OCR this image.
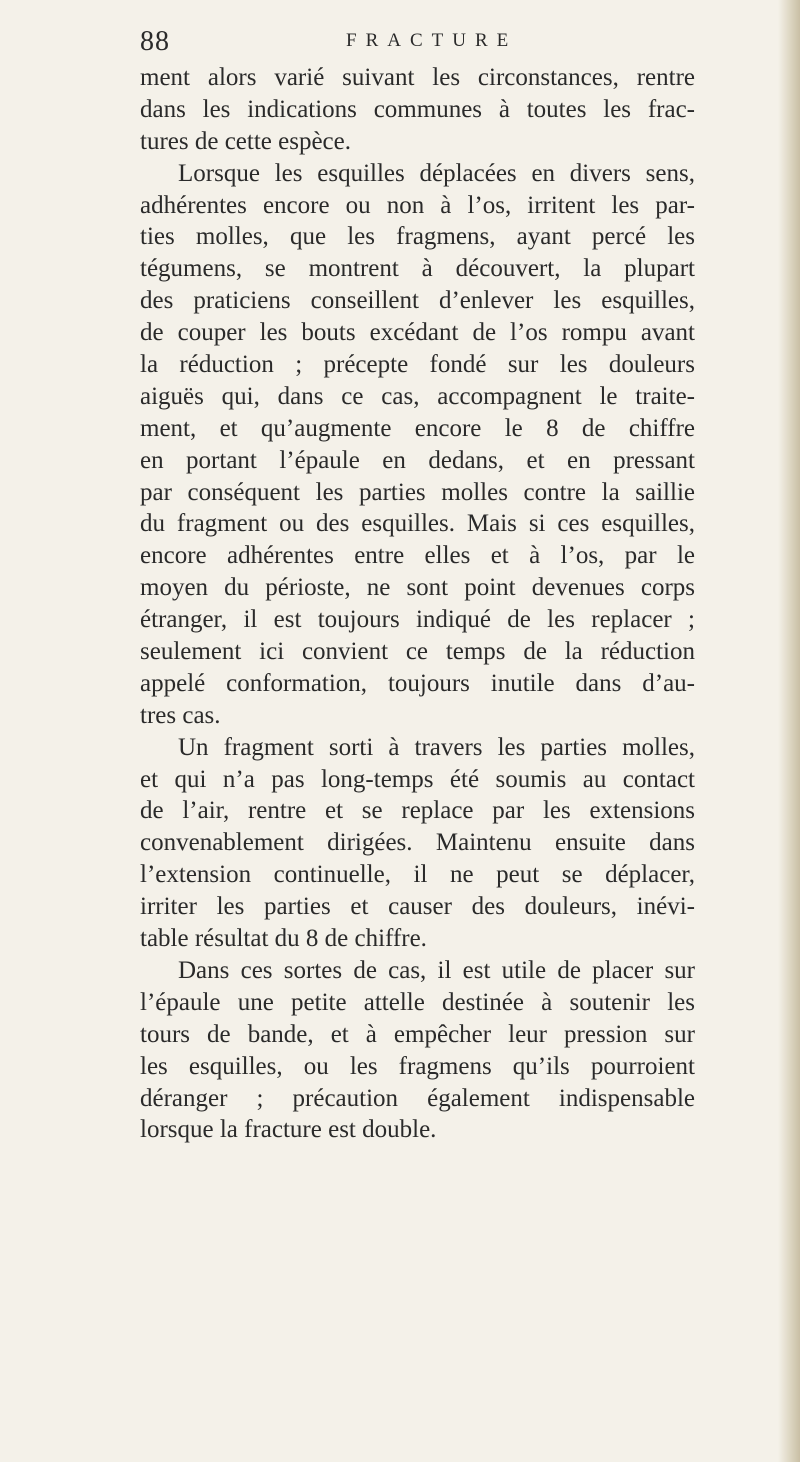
88	FRACTURE
ment alors varié suivant les circonstances, rentre
dans les indications communes à toutes les frac-
tures de cette espèce.
Lorsque les esquilles déplacées en divers sens,
adhérentes encore ou non à l’os, irritent les par-
ties molles, que les fragmens, ayant percé les
tégumens, se montrent à découvert, la plupart
des praticiens conseillent d’enlever les esquilles,
de couper les bouts excédant de l’os rompu avant
la réduction ; précepte fondé sur les douleurs
aiguës qui, dans ce cas, accompagnent le traite-
ment, et qu’augmente encore le 8 de chiffre
en portant l’épaule en dedans, et en pressant
par conséquent les parties molles contre la saillie
du fragment ou des esquilles. Mais si ces esquilles,
encore adhérentes entre elles et à l’os, par le
moyen du périoste, ne sont point devenues corps
étranger, il est toujours indiqué de les replacer ;
seulement ici convient ce temps de la réduction
appelé conformation, toujours inutile dans d’au-
tres cas.
Un fragment sorti à travers les parties molles,
et qui n’a pas long-temps été soumis au contact
de l’air, rentre et se replace par les extensions
convenablement dirigées. Maintenu ensuite dans
l’extension continuelle, il ne peut se déplacer,
irriter les parties et causer des douleurs, inévi-
table résultat du 8 de chiffre.
Dans ces sortes de cas, il est utile de placer sur
l’épaule une petite attelle destinée à soutenir les
tours de bande, et à empêcher leur pression sur
les esquilles, ou les fragmens qu’ils pourroient
déranger ; précaution également indispensable
lorsque la fracture est double.
